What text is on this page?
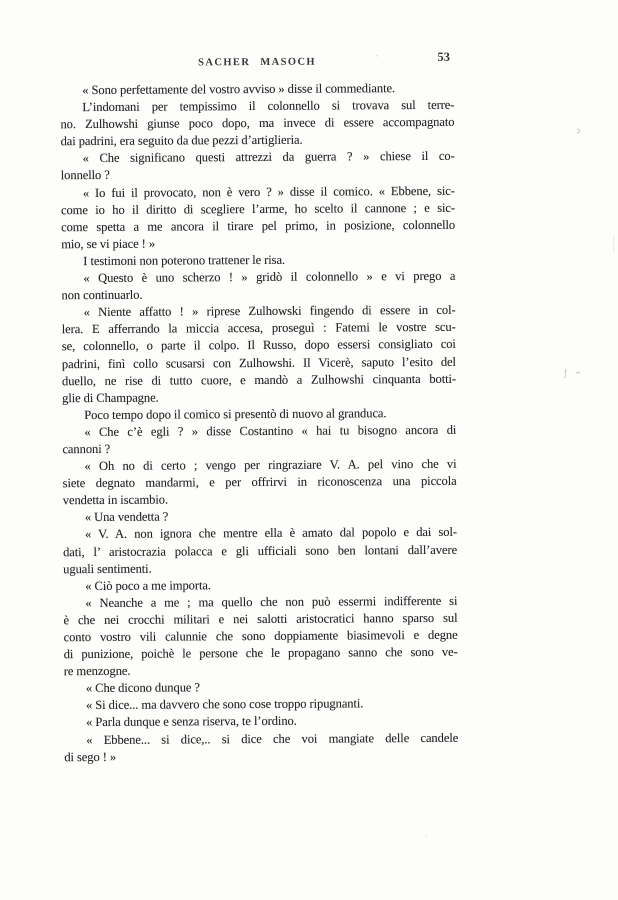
SACHER MASOCH	53
« Sono perfettamente del vostro avviso » disse il commediante.
L’indomani per tempissimo il colonnello si trovava sul terre-
no. Zulhowshi giunse poco dopo, ma invece di essere accompagnato
dai padrini, era seguito da due pezzi d’artiglieria.
« Che significano questi attrezzi da guerra ? » chiese il co-
lonnello ?
« Io fui il provocato, non è vero ? » disse il comico. « Ebbene, sic-
come io ho il diritto di scegliere l’arme, ho scelto il cannone ; e sic-
come spetta a me ancora il tirare pel primo, in posizione, colonnello
mio, se vi piace ! »
I testimoni non poterono trattener le risa.
« Questo è uno scherzo ! » gridò il colonnello » e vi prego a
non continuarlo.
« Niente affatto ! » riprese Zulhowski fingendo di essere in col-
lera. E afferrando la miccia accesa, proseguì : Fatemi le vostre scu-
se, colonnello, o parte il colpo. Il Russo, dopo essersi consigliato coi
padrini, finì collo scusarsi con Zulhowshi. Il Vicerè, saputo l’esito del
duello, ne rise di tutto cuore, e mandò a Zulhowshi cinquanta botti-
glie di Champagne.
Poco tempo dopo il comico si presentò di nuovo al granduca.
« Che c’è egli ? » disse Costantino « hai tu bisogno ancora di
cannoni ?
« Oh no di certo ; vengo per ringraziare V. A. pel vino che vi
siete degnato mandarmi, e per offrirvi in riconoscenza una piccola
vendetta in iscambio.
« Una vendetta ?
« V. A. non ignora che mentre ella è amato dal popolo e dai sol-
dati, l’ aristocrazia polacca e gli ufficiali sono ben lontani dall’avere
uguali sentimenti.
« Ciò poco a me importa.
« Neanche a me ; ma quello che non può essermi indifferente si
è che nei crocchi militari e nei salotti aristocratici hanno sparso sul
conto vostro vili calunnie che sono doppiamente biasimevoli e degne
di punizione, poichè le persone che le propagano sanno che sono ve-
re menzogne.
« Che dicono dunque ?
« Si dice... ma davvero che sono cose troppo ripugnanti.
« Parla dunque e senza riserva, te l’ordino.
« Ebbene... si dice,.. si dice che voi mangiate delle candele
di sego ! »
›
·
ƒ ˜
|
·
